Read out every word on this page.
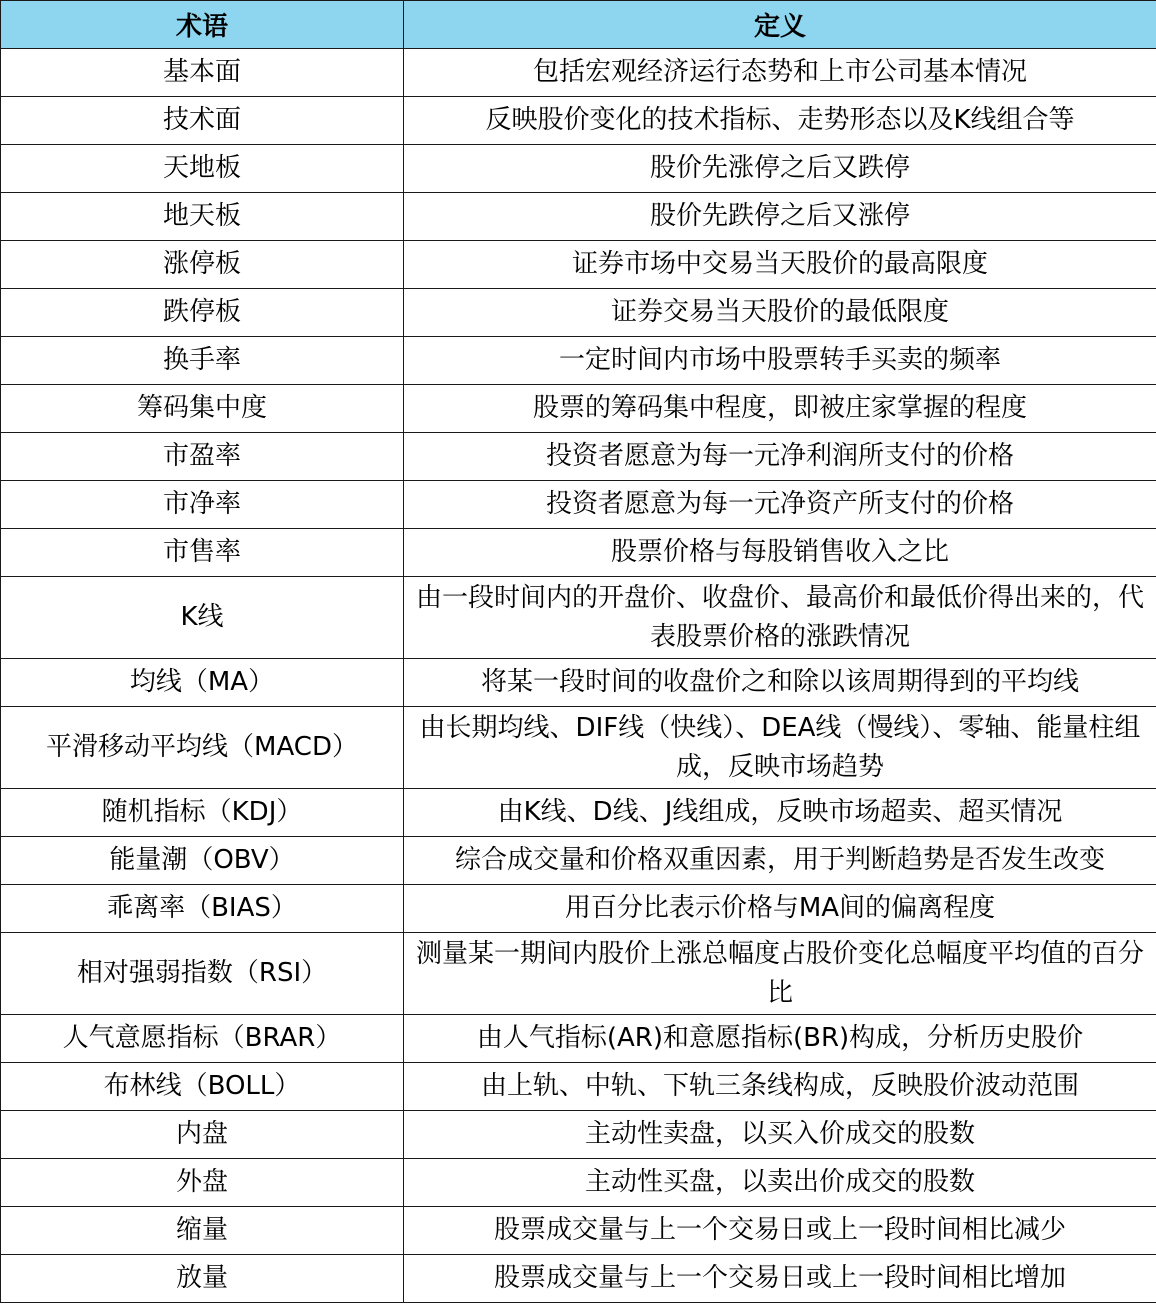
术语	定义
基本面	包括宏观经济运行态势和上市公司基本情况
技术面	反映股价变化的技术指标、走势形态以及K线组合等
天地板	股价先涨停之后又跌停
地天板	股价先跌停之后又涨停
涨停板	证券市场中交易当天股价的最高限度
跌停板	证券交易当天股价的最低限度
换手率	一定时间内市场中股票转手买卖的频率
筹码集中度	股票的筹码集中程度，即被庄家掌握的程度
市盈率	投资者愿意为每一元净利润所支付的价格
市净率	投资者愿意为每一元净资产所支付的价格
市售率	股票价格与每股销售收入之比
K线	由一段时间内的开盘价、收盘价、最高价和最低价得出来的，代表股票价格的涨跌情况
均线（MA）	将某一段时间的收盘价之和除以该周期得到的平均线
平滑移动平均线（MACD）	由长期均线、DIF线（快线）、DEA线（慢线）、零轴、能量柱组成，反映市场趋势
随机指标（KDJ）	由K线、D线、J线组成，反映市场超卖、超买情况
能量潮（OBV）	综合成交量和价格双重因素，用于判断趋势是否发生改变
乖离率（BIAS）	用百分比表示价格与MA间的偏离程度
相对强弱指数（RSI）	测量某一期间内股价上涨总幅度占股价变化总幅度平均值的百分比
人气意愿指标（BRAR）	由人气指标(AR)和意愿指标(BR)构成，分析历史股价
布林线（BOLL）	由上轨、中轨、下轨三条线构成，反映股价波动范围
内盘	主动性卖盘，以买入价成交的股数
外盘	主动性买盘，以卖出价成交的股数
缩量	股票成交量与上一个交易日或上一段时间相比减少
放量	股票成交量与上一个交易日或上一段时间相比增加
